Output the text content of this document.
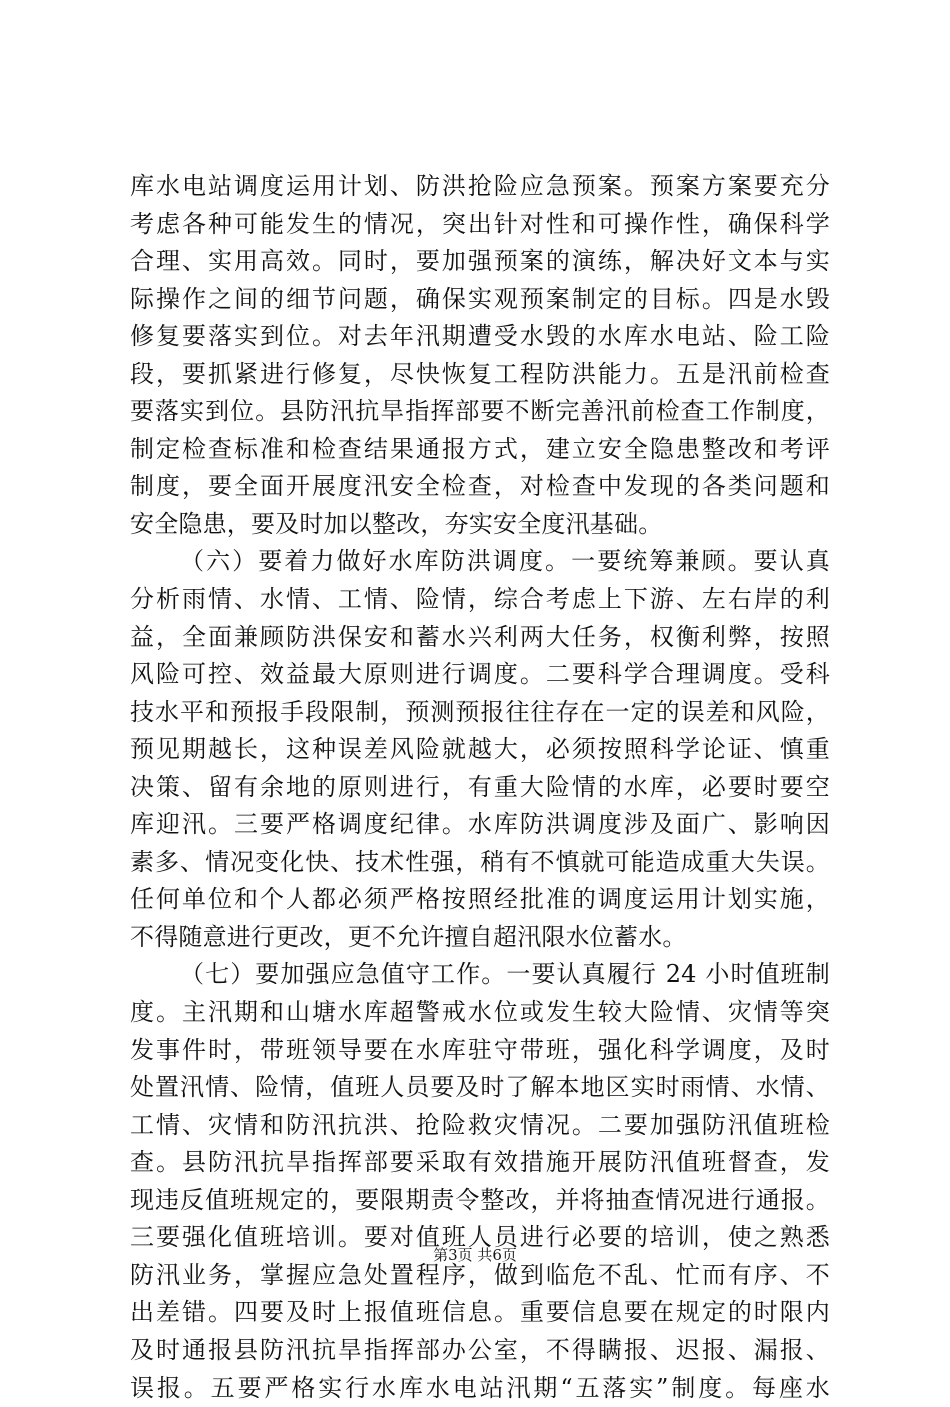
库水电站调度运用计划、防洪抢险应急预案。预案方案要充分
考虑各种可能发生的情况，突出针对性和可操作性，确保科学
合理、实用高效。同时，要加强预案的演练，解决好文本与实
际操作之间的细节问题，确保实观预案制定的目标。四是水毁
修复要落实到位。对去年汛期遭受水毁的水库水电站、险工险
段，要抓紧进行修复，尽快恢复工程防洪能力。五是汛前检查
要落实到位。县防汛抗旱指挥部要不断完善汛前检查工作制度，
制定检查标准和检查结果通报方式，建立安全隐患整改和考评
制度，要全面开展度汛安全检查，对检查中发现的各类问题和
安全隐患，要及时加以整改，夯实安全度汛基础。
（六）要着力做好水库防洪调度。一要统筹兼顾。要认真
分析雨情、水情、工情、险情，综合考虑上下游、左右岸的利
益，全面兼顾防洪保安和蓄水兴利两大任务，权衡利弊，按照
风险可控、效益最大原则进行调度。二要科学合理调度。受科
技水平和预报手段限制，预测预报往往存在一定的误差和风险，
预见期越长，这种误差风险就越大，必须按照科学论证、慎重
决策、留有余地的原则进行，有重大险情的水库，必要时要空
库迎汛。三要严格调度纪律。水库防洪调度涉及面广、影响因
素多、情况变化快、技术性强，稍有不慎就可能造成重大失误。
任何单位和个人都必须严格按照经批准的调度运用计划实施，
不得随意进行更改，更不允许擅自超汛限水位蓄水。
（七）要加强应急值守工作。一要认真履行 24 小时值班制
度。主汛期和山塘水库超警戒水位或发生较大险情、灾情等突
发事件时，带班领导要在水库驻守带班，强化科学调度，及时
处置汛情、险情，值班人员要及时了解本地区实时雨情、水情、
工情、灾情和防汛抗洪、抢险救灾情况。二要加强防汛值班检
查。县防汛抗旱指挥部要采取有效措施开展防汛值班督查，发
现违反值班规定的，要限期责令整改，并将抽查情况进行通报。
三要强化值班培训。要对值班人员进行必要的培训，使之熟悉
防汛业务，掌握应急处置程序，做到临危不乱、忙而有序、不
出差错。四要及时上报值班信息。重要信息要在规定的时限内
及时通报县防汛抗旱指挥部办公室，不得瞒报、迟报、漏报、
误报。五要严格实行水库水电站汛期“五落实”制度。每座水
第3页 共6页
